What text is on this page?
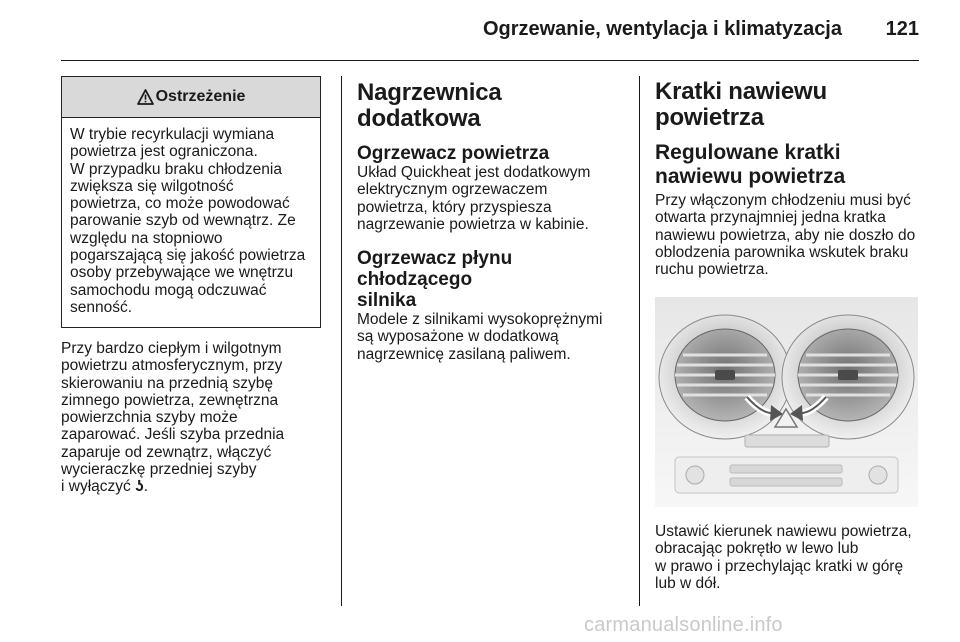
Ogrzewanie, wentylacja i klimatyzacja 121
Ostrzeżenie

W trybie recyrkulacji wymiana

powietrza jest ograniczona.

W przypadku braku chłodzenia

zwiększa się wilgotność

powietrza, co może powodować

parowanie szyb od wewnątrz. Ze

względu na stopniowo

pogarszającą się jakość powietrza

osoby przebywające we wnętrzu

samochodu mogą odczuwać

senność.

Przy bardzo ciepłym i wilgotnym

powietrzu atmosferycznym, przy

skierowaniu na przednią szybę

zimnego powietrza, zewnętrzna

powierzchnia szyby może

zaparować. Jeśli szyba przednia

zaparuje od zewnątrz, włączyć

wycieraczkę przedniej szyby

i wyłączyć ʖ.

Nagrzewnica dodatkowa
Ogrzewacz powietrza

Układ Quickheat jest dodatkowym

elektrycznym ogrzewaczem

powietrza, który przyspiesza

nagrzewanie powietrza w kabinie.

Ogrzewacz płynu chłodzącego
silnika

Modele z silnikami wysokoprężnymi

są wyposażone w dodatkową

nagrzewnicę zasilaną paliwem.

Kratki nawiewu
powietrza
Regulowane kratki
nawiewu powietrza

Przy włączonym chłodzeniu musi być

otwarta przynajmniej jedna kratka

nawiewu powietrza, aby nie doszło do

oblodzenia parownika wskutek braku

ruchu powietrza.

Ustawić kierunek nawiewu powietrza,

obracając pokrętło w lewo lub

w prawo i przechylając kratki w górę

lub w dół.

carmanualsonline.info
